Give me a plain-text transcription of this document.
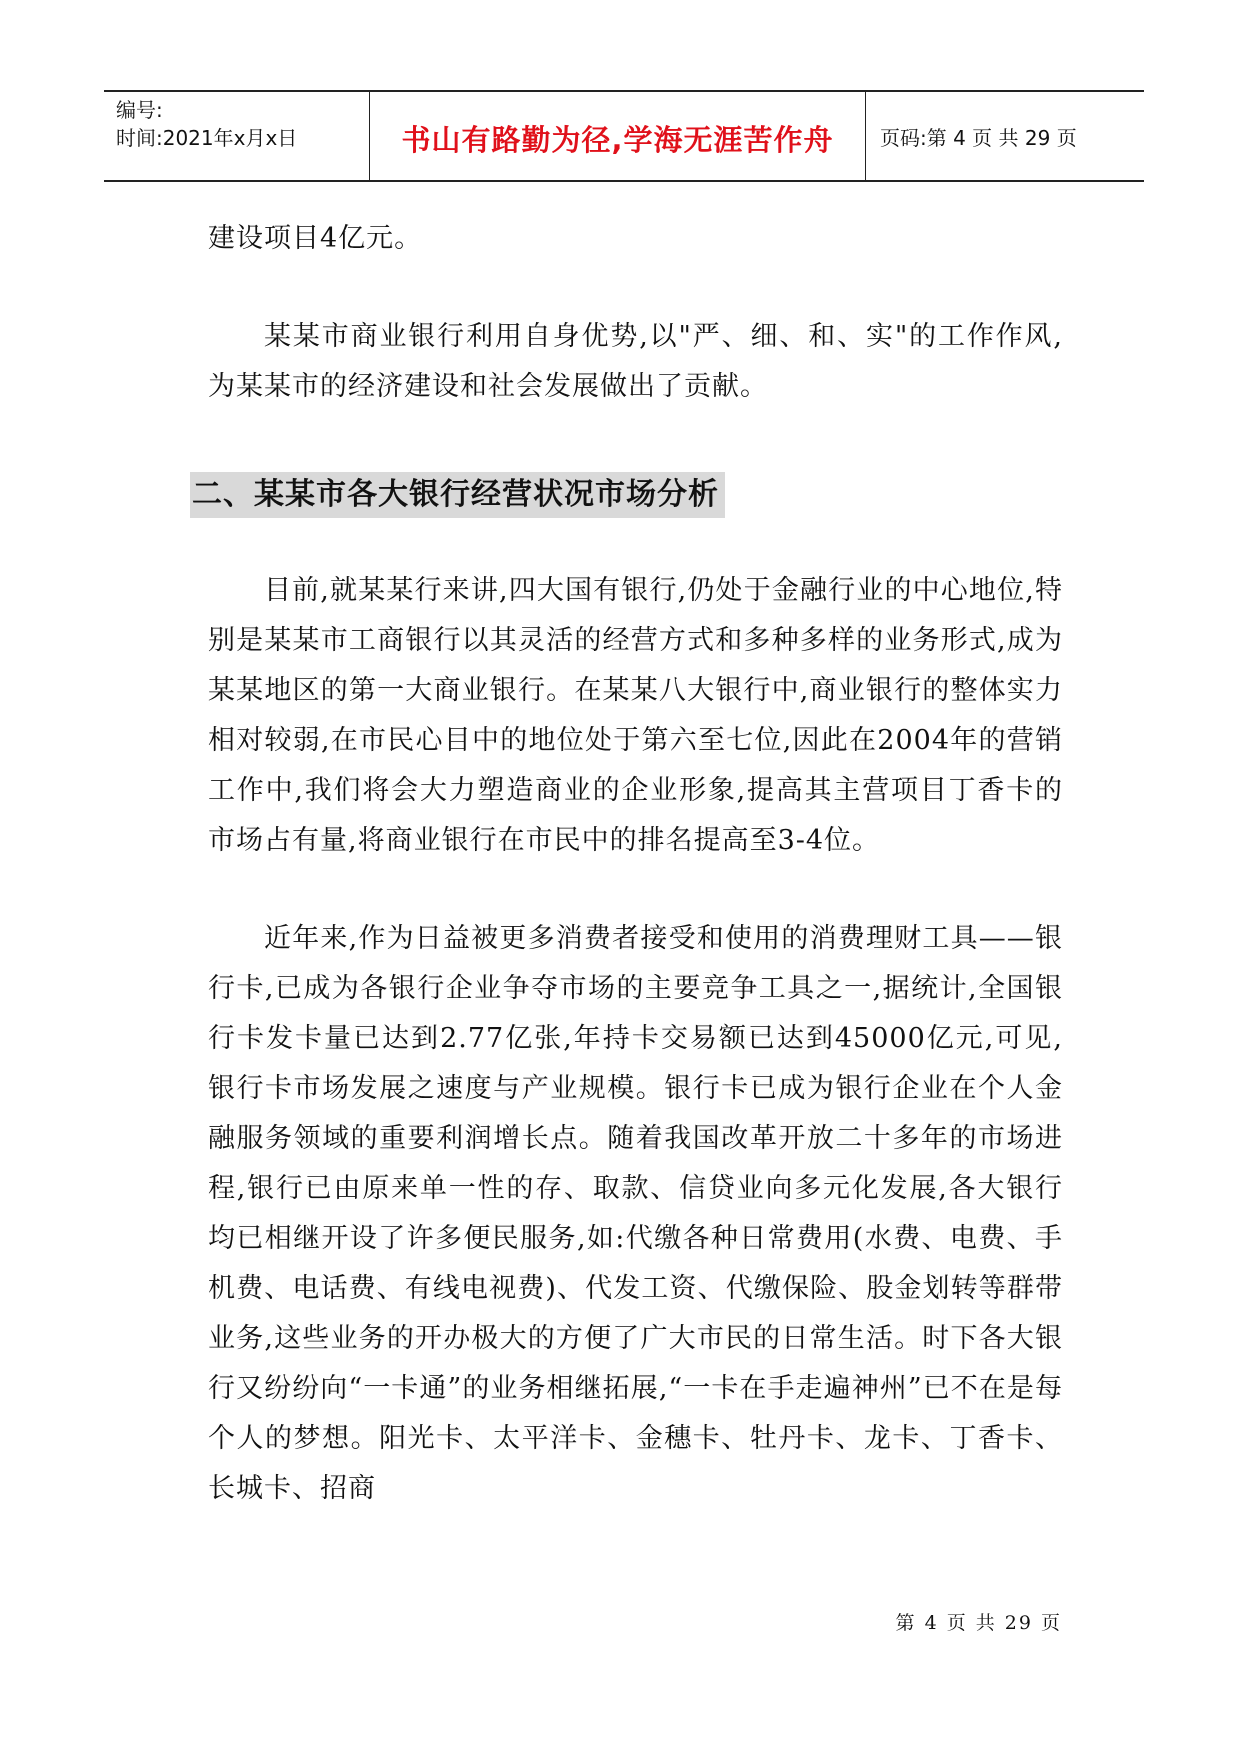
编号:
时间:2021年x月x日	书山有路勤为径,学海无涯苦作舟 页码:第 4 页 共 29 页

建设项目4亿元。

某某市商业银行利用自身优势,以"严、细、和、实"的工作作风,为某某市的经济建设和社会发展做出了贡献。

二、某某市各大银行经营状况市场分析

目前,就某某行来讲,四大国有银行,仍处于金融行业的中心地位,特别是某某市工商银行以其灵活的经营方式和多种多样的业务形式,成为某某地区的第一大商业银行。在某某八大银行中,商业银行的整体实力相对较弱,在市民心目中的地位处于第六至七位,因此在2004年的营销工作中,我们将会大力塑造商业的企业形象,提高其主营项目丁香卡的市场占有量,将商业银行在市民中的排名提高至3-4位。

近年来,作为日益被更多消费者接受和使用的消费理财工具——银行卡,已成为各银行企业争夺市场的主要竞争工具之一,据统计,全国银行卡发卡量已达到2.77亿张,年持卡交易额已达到45000亿元,可见,银行卡市场发展之速度与产业规模。银行卡已成为银行企业在个人金融服务领域的重要利润增长点。随着我国改革开放二十多年的市场进程,银行已由原来单一性的存、取款、信贷业向多元化发展,各大银行均已相继开设了许多便民服务,如:代缴各种日常费用(水费、电费、手机费、电话费、有线电视费)、代发工资、代缴保险、股金划转等群带业务,这些业务的开办极大的方便了广大市民的日常生活。时下各大银行又纷纷向“一卡通”的业务相继拓展,“一卡在手走遍神州”已不在是每个人的梦想。阳光卡、太平洋卡、金穗卡、牡丹卡、龙卡、丁香卡、长城卡、招商

第 4 页 共 29 页
